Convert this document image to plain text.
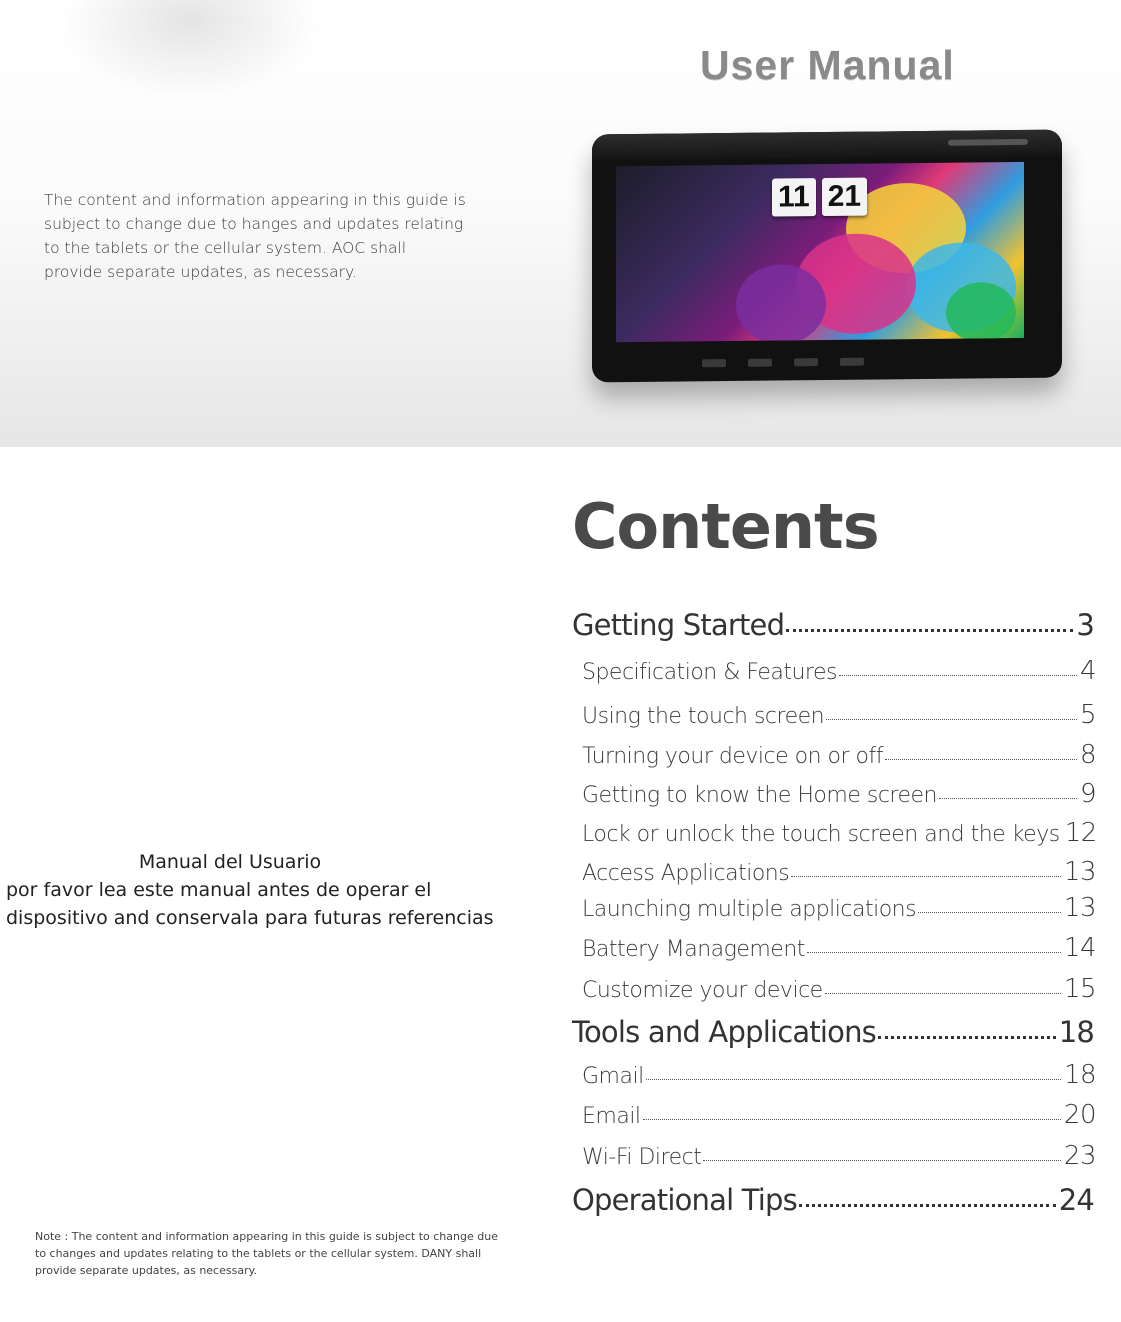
User Manual
The content and information appearing in this guide is
subject to change due to hanges and updates relating
to the tablets or the cellular system. AOC shall
provide separate updates, as necessary.
11 21
Contents
Getting Started	3
Specification & Features	4
Using the touch screen	5
Turning your device on or off	8
Getting to know the Home screen	9
Lock or unlock the touch screen and the keys 12
Access Applications	13
Launching multiple applications	13
Battery Management	14
Customize your device	15
Tools and Applications	18
Gmail	18
Email	20
Wi-Fi Direct	23
Operational Tips	24
Manual del Usuario
por favor lea este manual antes de operar el
dispositivo and conservala para futuras referencias
Note : The content and information appearing in this guide is subject to change due
to changes and updates relating to the tablets or the cellular system. DANY shall
provide separate updates, as necessary.
